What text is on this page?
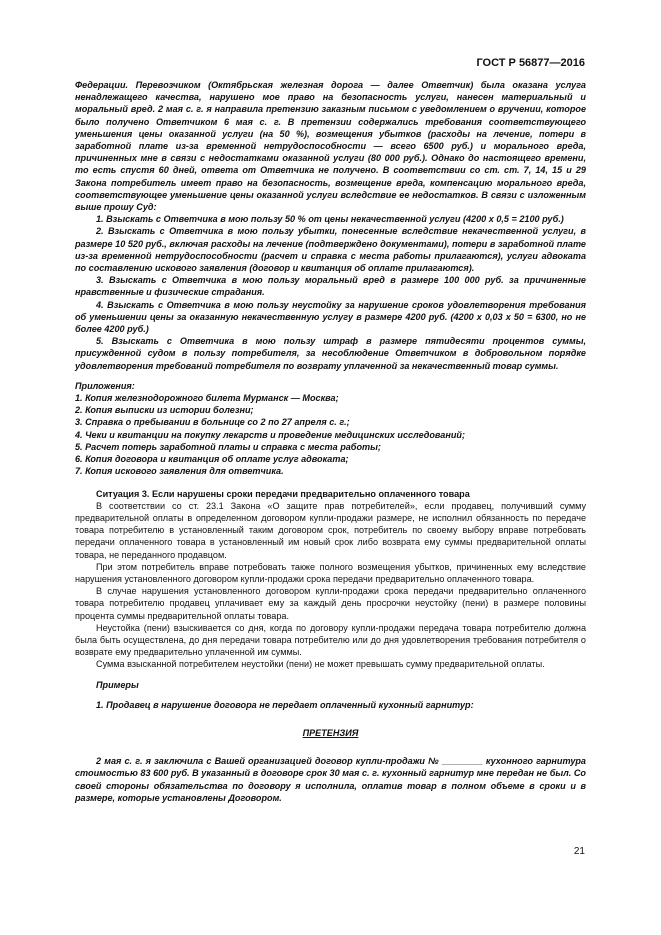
ГОСТ Р 56877—2016

Федерации. Перевозчиком (Октябрьская железная дорога — далее Ответчик) была оказана услуга ненадлежащего качества, нарушено мое право на безопасность услуги, нанесен материальный и моральный вред. 2 мая с. г. я направила претензию заказным письмом с уведомлением о вручении, которое было получено Ответчиком 6 мая с. г. В претензии содержались требования соответствующего уменьшения цены оказанной услуги (на 50 %), возмещения убытков (расходы на лечение, потери в заработной плате из-за временной нетрудоспособности — всего 6500 руб.) и морального вреда, причиненных мне в связи с недостатками оказанной услуги (80 000 руб.). Однако до настоящего времени, то есть спустя 60 дней, ответа от Ответчика не получено. В соответствии со ст. ст. 7, 14, 15 и 29 Закона потребитель имеет право на безопасность, возмещение вреда, компенсацию морального вреда, соответствующее уменьшение цены оказанной услуги вследствие ее недостатков. В связи с изложенным выше прошу Суд:

1. Взыскать с Ответчика в мою пользу 50 % от цены некачественной услуги (4200 х 0,5 = 2100 руб.)

2. Взыскать с Ответчика в мою пользу убытки, понесенные вследствие некачественной услуги, в размере 10 520 руб., включая расходы на лечение (подтверждено документами), потери в заработной плате из-за временной нетрудоспособности (расчет и справка с места работы прилагаются), услуги адвоката по составлению искового заявления (договор и квитанция об оплате прилагаются).

3. Взыскать с Ответчика в мою пользу моральный вред в размере 100 000 руб. за причиненные нравственные и физические страдания.

4. Взыскать с Ответчика в мою пользу неустойку за нарушение сроков удовлетворения требования об уменьшении цены за оказанную некачественную услугу в размере 4200 руб. (4200 х 0,03 х 50 = 6300, но не более 4200 руб.)

5. Взыскать с Ответчика в мою пользу штраф в размере пятидесяти процентов суммы, присужденной судом в пользу потребителя, за несоблюдение Ответчиком в добровольном порядке удовлетворения требований потребителя по возврату уплаченной за некачественный товар суммы.

Приложения:

1. Копия железнодорожного билета Мурманск — Москва;

2. Копия выписки из истории болезни;

3. Справка о пребывании в больнице со 2 по 27 апреля с. г.;

4. Чеки и квитанции на покупку лекарств и проведение медицинских исследований;

5. Расчет потерь заработной платы и справка с места работы;

6. Копия договора и квитанция об оплате услуг адвоката;

7. Копия искового заявления для ответчика.

Ситуация 3. Если нарушены сроки передачи предварительно оплаченного товара

В соответствии со ст. 23.1 Закона «О защите прав потребителей», если продавец, получивший сумму предварительной оплаты в определенном договором купли-продажи размере, не исполнил обязанность по передаче товара потребителю в установленный таким договором срок, потребитель по своему выбору вправе потребовать передачи оплаченного товара в установленный им новый срок либо возврата ему суммы предварительной оплаты товара, не переданного продавцом.

При этом потребитель вправе потребовать также полного возмещения убытков, причиненных ему вследствие нарушения установленного договором купли-продажи срока передачи предварительно оплаченного товара.

В случае нарушения установленного договором купли-продажи срока передачи предварительно оплаченного товара потребителю продавец уплачивает ему за каждый день просрочки неустойку (пени) в размере половины процента суммы предварительной оплаты товара.

Неустойка (пени) взыскивается со дня, когда по договору купли-продажи передача товара потребителю должна была быть осуществлена, до дня передачи товара потребителю или до дня удовлетворения требования потребителя о возврате ему предварительно уплаченной им суммы.

Сумма взысканной потребителем неустойки (пени) не может превышать сумму предварительной оплаты.

Примеры

1. Продавец в нарушение договора не передает оплаченный кухонный гарнитур:

ПРЕТЕНЗИЯ

2 мая с. г. я заключила с Вашей организацией договор купли-продажи № ________ кухонного гарнитура стоимостью 83 600 руб. В указанный в договоре срок 30 мая с. г. кухонный гарнитур мне передан не был. Со своей стороны обязательства по договору я исполнила, оплатив товар в полном объеме в сроки и в размере, которые установлены Договором.

21
